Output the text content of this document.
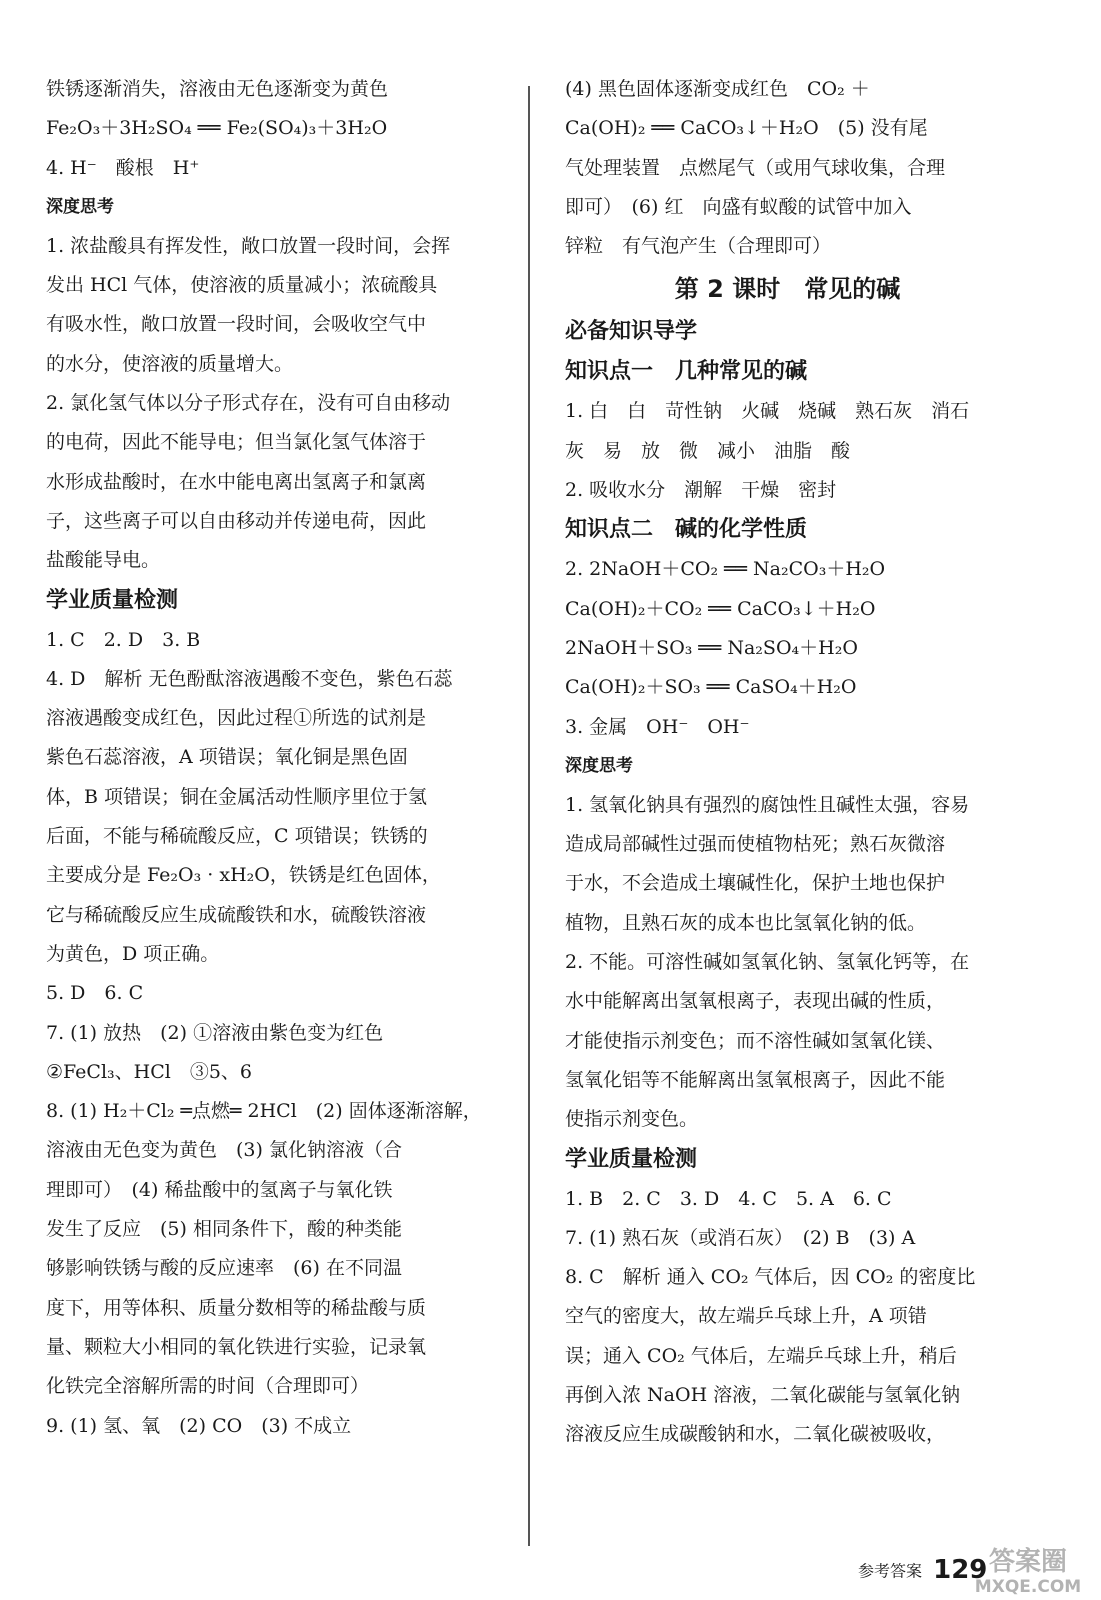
铁锈逐渐消失，溶液由无色逐渐变为黄色
Fe₂O₃＋3H₂SO₄ ══ Fe₂(SO₄)₃＋3H₂O
4. H⁻　酸根　H⁺
深度思考
1. 浓盐酸具有挥发性，敞口放置一段时间，会挥
发出 HCl 气体，使溶液的质量减小；浓硫酸具
有吸水性，敞口放置一段时间，会吸收空气中
的水分，使溶液的质量增大。
2. 氯化氢气体以分子形式存在，没有可自由移动
的电荷，因此不能导电；但当氯化氢气体溶于
水形成盐酸时，在水中能电离出氢离子和氯离
子，这些离子可以自由移动并传递电荷，因此
盐酸能导电。
学业质量检测
1. C　2. D　3. B
4. D　解析 无色酚酞溶液遇酸不变色，紫色石蕊
溶液遇酸变成红色，因此过程①所选的试剂是
紫色石蕊溶液，A 项错误；氧化铜是黑色固
体，B 项错误；铜在金属活动性顺序里位于氢
后面，不能与稀硫酸反应，C 项错误；铁锈的
主要成分是 Fe₂O₃ · xH₂O，铁锈是红色固体，
它与稀硫酸反应生成硫酸铁和水，硫酸铁溶液
为黄色，D 项正确。
5. D　6. C
7. (1) 放热　(2) ①溶液由紫色变为红色
②FeCl₃、HCl　③5、6
8. (1) H₂＋Cl₂ ═点燃═ 2HCl　(2) 固体逐渐溶解，
溶液由无色变为黄色　(3) 氯化钠溶液（合
理即可）　(4) 稀盐酸中的氢离子与氧化铁
发生了反应　(5) 相同条件下，酸的种类能
够影响铁锈与酸的反应速率　(6) 在不同温
度下，用等体积、质量分数相等的稀盐酸与质
量、颗粒大小相同的氧化铁进行实验，记录氧
化铁完全溶解所需的时间（合理即可）
9. (1) 氢、氧　(2) CO　(3) 不成立
(4) 黑色固体逐渐变成红色　CO₂ ＋
Ca(OH)₂ ══ CaCO₃↓＋H₂O　(5) 没有尾
气处理装置　点燃尾气（或用气球收集，合理
即可）　(6) 红　向盛有蚁酸的试管中加入
锌粒　有气泡产生（合理即可）
第 2 课时　常见的碱
必备知识导学
知识点一　几种常见的碱
1. 白　白　苛性钠　火碱　烧碱　熟石灰　消石
灰　易　放　微　减小　油脂　酸
2. 吸收水分　潮解　干燥　密封
知识点二　碱的化学性质
2. 2NaOH＋CO₂ ══ Na₂CO₃＋H₂O
Ca(OH)₂＋CO₂ ══ CaCO₃↓＋H₂O
2NaOH＋SO₃ ══ Na₂SO₄＋H₂O
Ca(OH)₂＋SO₃ ══ CaSO₄＋H₂O
3. 金属　OH⁻　OH⁻
深度思考
1. 氢氧化钠具有强烈的腐蚀性且碱性太强，容易
造成局部碱性过强而使植物枯死；熟石灰微溶
于水，不会造成土壤碱性化，保护土地也保护
植物，且熟石灰的成本也比氢氧化钠的低。
2. 不能。可溶性碱如氢氧化钠、氢氧化钙等，在
水中能解离出氢氧根离子，表现出碱的性质，
才能使指示剂变色；而不溶性碱如氢氧化镁、
氢氧化铝等不能解离出氢氧根离子，因此不能
使指示剂变色。
学业质量检测
1. B　2. C　3. D　4. C　5. A　6. C
7. (1) 熟石灰（或消石灰）　(2) B　(3) A
8. C　解析 通入 CO₂ 气体后，因 CO₂ 的密度比
空气的密度大，故左端乒乓球上升，A 项错
误；通入 CO₂ 气体后，左端乒乓球上升，稍后
再倒入浓 NaOH 溶液，二氧化碳能与氢氧化钠
溶液反应生成碳酸钠和水，二氧化碳被吸收，
参考答案 129 答案圈
MXQE.COM
